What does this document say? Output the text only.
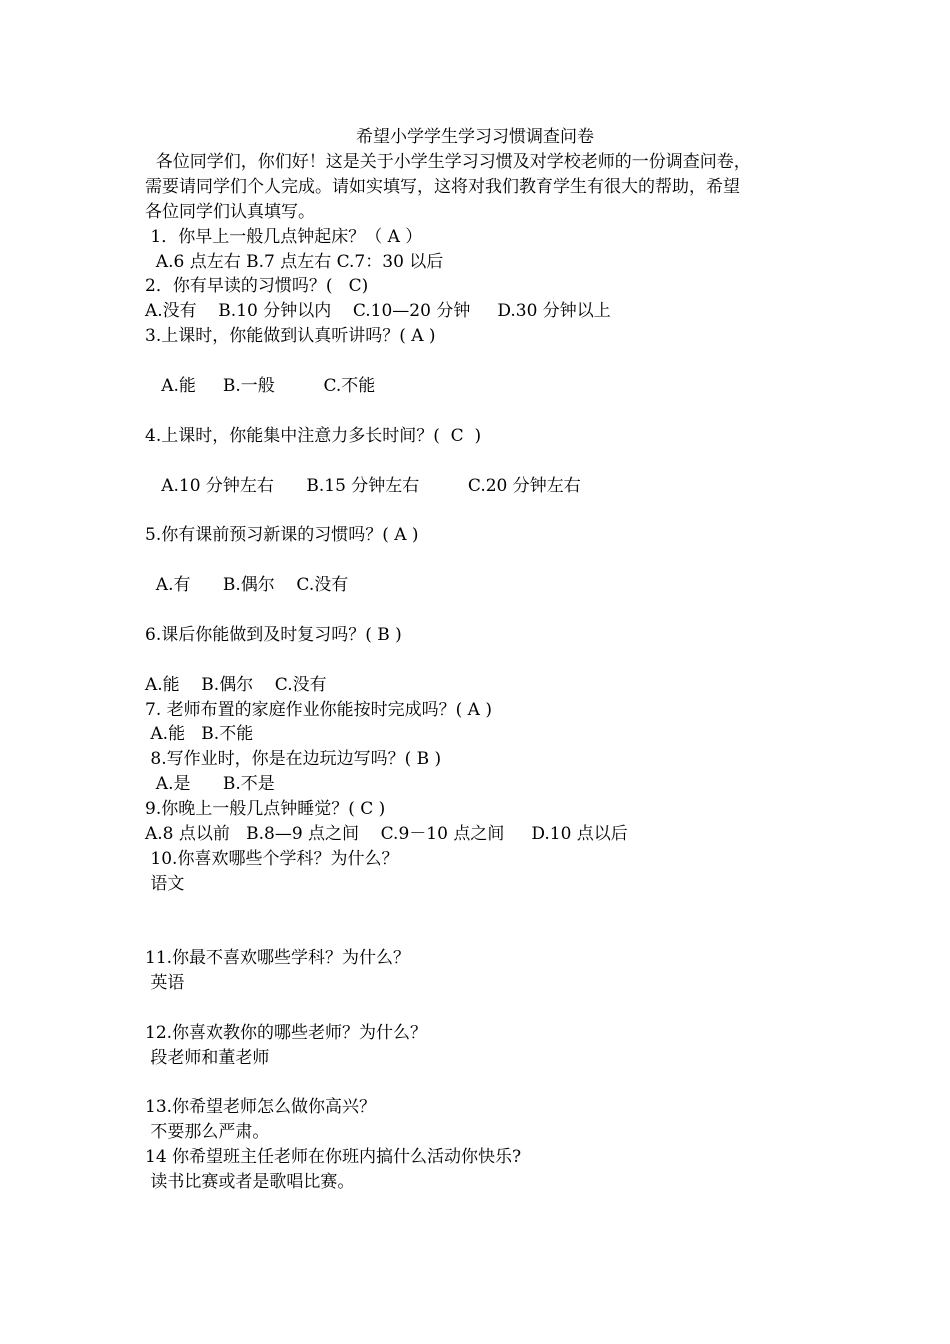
希望小学学生学习习惯调查问卷

各位同学们，你们好！这是关于小学生学习习惯及对学校老师的一份调查问卷，

需要请同学们个人完成。请如实填写，这将对我们教育学生有很大的帮助，希望

各位同学们认真填写。

1．你早上一般几点钟起床？（ A ）

A.6 点左右 B.7 点左右 C.7：30 以后

2．你有早读的习惯吗？(   C)

A.没有    B.10 分钟以内    C.10—20 分钟     D.30 分钟以上

3.上课时，你能做到认真听讲吗？( A )

A.能     B.一般         C.不能

4.上课时，你能集中注意力多长时间？(  C  )

A.10 分钟左右      B.15 分钟左右         C.20 分钟左右

5.你有课前预习新课的习惯吗？( A )

A.有      B.偶尔    C.没有

6.课后你能做到及时复习吗？( B )

A.能    B.偶尔    C.没有

7. 老师布置的家庭作业你能按时完成吗？( A )

A.能   B.不能

8.写作业时，你是在边玩边写吗？( B )

A.是      B.不是

9.你晚上一般几点钟睡觉？( C )

A.8 点以前   B.8—9 点之间    C.9－10 点之间     D.10 点以后

10.你喜欢哪些个学科？为什么？

语文

11.你最不喜欢哪些学科？为什么？

英语

12.你喜欢教你的哪些老师？为什么？

段老师和董老师

13.你希望老师怎么做你高兴？

不要那么严肃。

14 你希望班主任老师在你班内搞什么活动你快乐?

读书比赛或者是歌唱比赛。
